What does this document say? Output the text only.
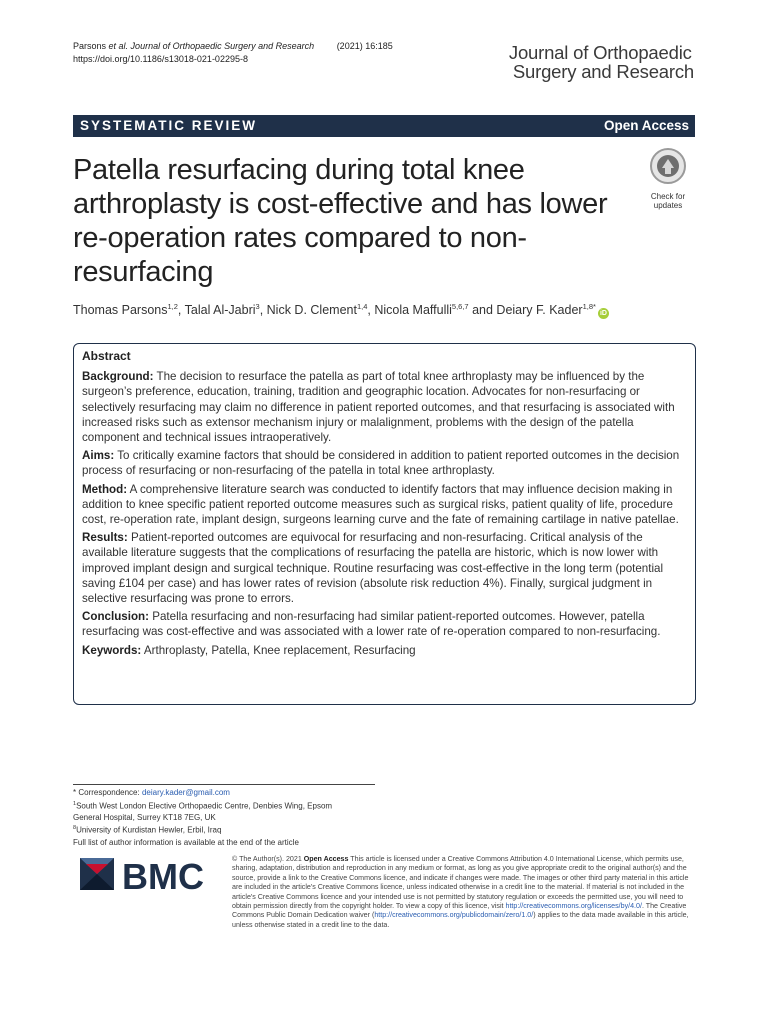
Parsons et al. Journal of Orthopaedic Surgery and Research	(2021) 16:185
https://doi.org/10.1186/s13018-021-02295-8	Journal of Orthopaedic
Surgery and Research
SYSTEMATIC REVIEW	Open Access
Patella resurfacing during total knee arthroplasty is cost-effective and has lower re-operation rates compared to non-resurfacing
Check for
updates
Thomas Parsons$^{1,2}$, Talal Al-Jabri$^3$, Nick D. Clement$^{1,4}$, Nicola Maffulli$^{5,6,7}$ and Deiary F. Kader$^{1,8*}$iD
Abstract

Background: The decision to resurface the patella as part of total knee arthroplasty may be influenced by the surgeon’s preference, education, training, tradition and geographic location. Advocates for non-resurfacing or selectively resurfacing may claim no difference in patient reported outcomes, and that resurfacing is associated with increased risks such as extensor mechanism injury or malalignment, problems with the design of the patella component and technical issues intraoperatively.

Aims: To critically examine factors that should be considered in addition to patient reported outcomes in the decision process of resurfacing or non-resurfacing of the patella in total knee arthroplasty.

Method: A comprehensive literature search was conducted to identify factors that may influence decision making in addition to knee specific patient reported outcome measures such as surgical risks, patient quality of life, procedure cost, re-operation rate, implant design, surgeons learning curve and the fate of remaining cartilage in native patellae.

Results: Patient-reported outcomes are equivocal for resurfacing and non-resurfacing. Critical analysis of the available literature suggests that the complications of resurfacing the patella are historic, which is now lower with improved implant design and surgical technique. Routine resurfacing was cost-effective in the long term (potential saving £104 per case) and has lower rates of revision (absolute risk reduction 4%). Finally, surgical judgment in selective resurfacing was prone to errors.

Conclusion: Patella resurfacing and non-resurfacing had similar patient-reported outcomes. However, patella resurfacing was cost-effective and was associated with a lower rate of re-operation compared to non-resurfacing.

Keywords: Arthroplasty, Patella, Knee replacement, Resurfacing

* Correspondence: deiary.kader@gmail.com
$^1$South West London Elective Orthopaedic Centre, Denbies Wing, Epsom
General Hospital, Surrey KT18 7EG, UK
$^8$University of Kurdistan Hewler, Erbil, Iraq
Full list of author information is available at the end of the article
BMC	© The Author(s). 2021 Open Access This article is licensed under a Creative Commons Attribution 4.0 International License, which permits use, sharing, adaptation, distribution and reproduction in any medium or format, as long as you give appropriate credit to the original author(s) and the source, provide a link to the Creative Commons licence, and indicate if changes were made. The images or other third party material in this article are included in the article's Creative Commons licence, unless indicated otherwise in a credit line to the material. If material is not included in the article's Creative Commons licence and your intended use is not permitted by statutory regulation or exceeds the permitted use, you will need to obtain permission directly from the copyright holder. To view a copy of this licence, visit http://creativecommons.org/licenses/by/4.0/. The Creative Commons Public Domain Dedication waiver (http://creativecommons.org/publicdomain/zero/1.0/) applies to the data made available in this article, unless otherwise stated in a credit line to the data.
